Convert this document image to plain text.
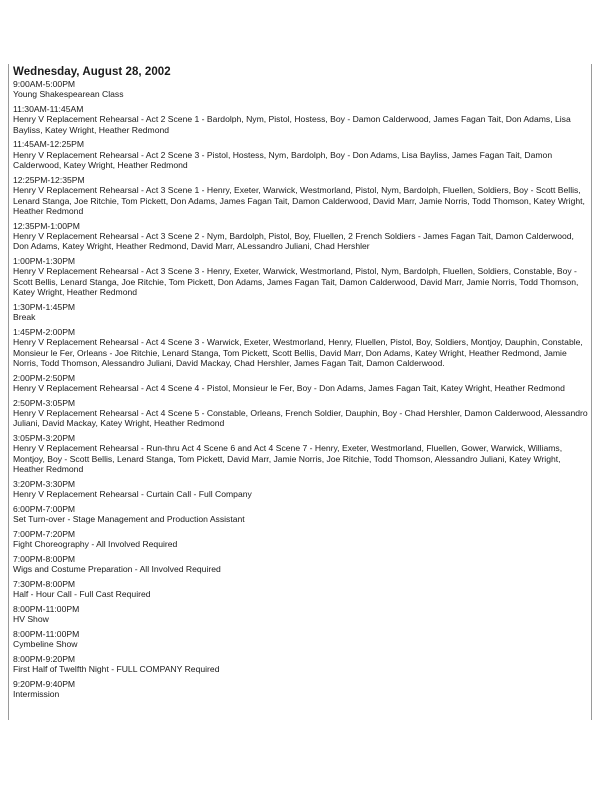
Wednesday, August 28, 2002
9:00AM-5:00PM
Young Shakespearean Class
11:30AM-11:45AM
Henry V Replacement Rehearsal - Act 2 Scene 1 - Bardolph, Nym, Pistol, Hostess, Boy - Damon Calderwood, James Fagan Tait, Don Adams, Lisa Bayliss, Katey Wright, Heather Redmond
11:45AM-12:25PM
Henry V Replacement Rehearsal - Act 2 Scene 3 - Pistol, Hostess, Nym, Bardolph, Boy - Don Adams, Lisa Bayliss, James Fagan Tait, Damon Calderwood, Katey Wright, Heather Redmond
12:25PM-12:35PM
Henry V Replacement Rehearsal - Act 3 Scene 1 - Henry, Exeter, Warwick, Westmorland, Pistol, Nym, Bardolph, Fluellen, Soldiers, Boy - Scott Bellis, Lenard Stanga, Joe Ritchie, Tom Pickett, Don Adams, James Fagan Tait, Damon Calderwood, David Marr, Jamie Norris, Todd Thomson, Katey Wright, Heather Redmond
12:35PM-1:00PM
Henry V Replacement Rehearsal - Act 3 Scene 2 - Nym, Bardolph, Pistol, Boy, Fluellen, 2 French Soldiers - James Fagan Tait, Damon Calderwood, Don Adams, Katey Wright, Heather Redmond, David Marr, ALessandro Juliani, Chad Hershler
1:00PM-1:30PM
Henry V Replacement Rehearsal - Act 3 Scene 3 - Henry, Exeter, Warwick, Westmorland, Pistol, Nym, Bardolph, Fluellen, Soldiers, Constable, Boy - Scott Bellis, Lenard Stanga, Joe Ritchie, Tom Pickett, Don Adams, James Fagan Tait, Damon Calderwood, David Marr, Jamie Norris, Todd Thomson, Katey Wright, Heather Redmond
1:30PM-1:45PM
Break
1:45PM-2:00PM
Henry V Replacement Rehearsal - Act 4 Scene 3 - Warwick, Exeter, Westmorland, Henry, Fluellen, Pistol, Boy, Soldiers, Montjoy, Dauphin, Constable, Monsieur le Fer, Orleans - Joe Ritchie, Lenard Stanga, Tom Pickett, Scott Bellis, David Marr, Don Adams, Katey Wright, Heather Redmond, Jamie Norris, Todd Thomson, Alessandro Juliani, David Mackay, Chad Hershler, James Fagan Tait, Damon Calderwood.
2:00PM-2:50PM
Henry V Replacement Rehearsal - Act 4 Scene 4 - Pistol, Monsieur le Fer, Boy - Don Adams, James Fagan Tait, Katey Wright, Heather Redmond
2:50PM-3:05PM
Henry V Replacement Rehearsal - Act 4 Scene 5 - Constable, Orleans, French Soldier, Dauphin, Boy - Chad Hershler, Damon Calderwood, Alessandro Juliani, David Mackay, Katey Wright, Heather Redmond
3:05PM-3:20PM
Henry V Replacement Rehearsal - Run-thru Act 4 Scene 6 and Act 4 Scene 7 - Henry, Exeter, Westmorland, Fluellen, Gower, Warwick, Williams, Montjoy, Boy - Scott Bellis, Lenard Stanga, Tom Pickett, David Marr, Jamie Norris, Joe Ritchie, Todd Thomson, Alessandro Juliani, Katey Wright, Heather Redmond
3:20PM-3:30PM
Henry V Replacement Rehearsal - Curtain Call - Full Company
6:00PM-7:00PM
Set Turn-over - Stage Management and Production Assistant
7:00PM-7:20PM
Fight Choreography - All Involved Required
7:00PM-8:00PM
Wigs and Costume Preparation - All Involved Required
7:30PM-8:00PM
Half - Hour Call - Full Cast Required
8:00PM-11:00PM
HV Show
8:00PM-11:00PM
Cymbeline Show
8:00PM-9:20PM
First Half of Twelfth Night - FULL COMPANY Required
9:20PM-9:40PM
Intermission
